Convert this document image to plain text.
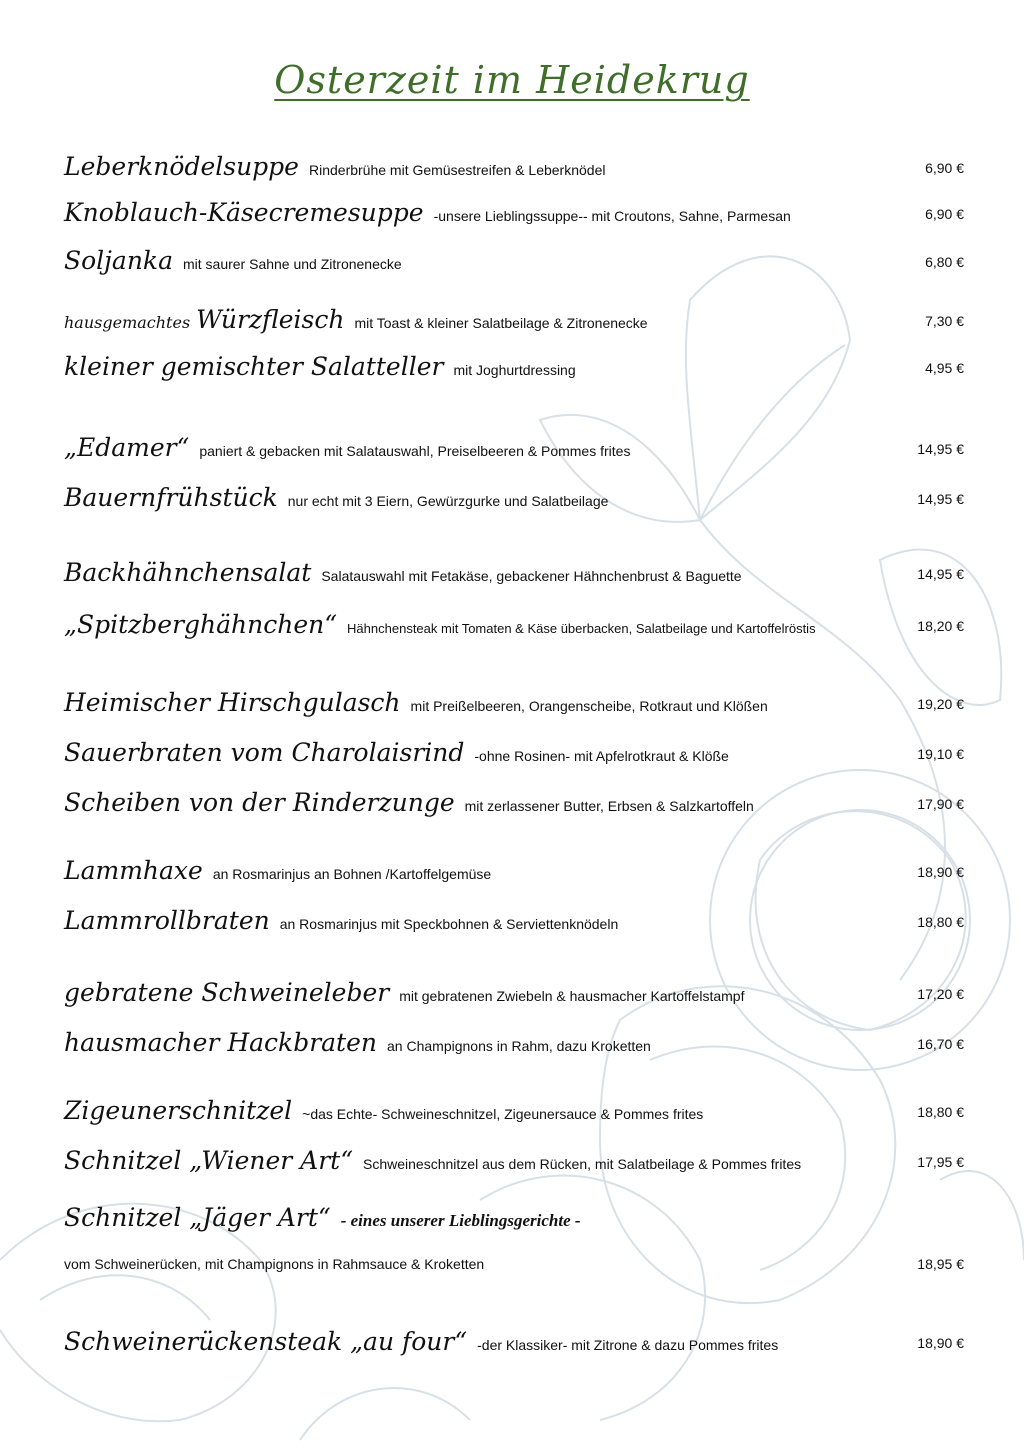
Osterzeit im Heidekrug
Leberknödelsuppe Rinderbrühe mit Gemüsestreifen & Leberknödel	6,90 €
Knoblauch-Käsecremesuppe -unsere Lieblingssuppe-- mit Croutons, Sahne, Parmesan	6,90 €
Soljanka mit saurer Sahne und Zitronenecke	6,80 €
hausgemachtes Würzfleisch mit Toast & kleiner Salatbeilage & Zitronenecke	7,30 €
kleiner gemischter Salatteller mit Joghurtdressing	4,95 €
„Edamer“ paniert & gebacken mit Salatauswahl, Preiselbeeren & Pommes frites	14,95 €
Bauernfrühstück nur echt mit 3 Eiern, Gewürzgurke und Salatbeilage	14,95 €
Backhähnchensalat Salatauswahl mit Fetakäse, gebackener Hähnchenbrust & Baguette	14,95 €
„Spitzberghähnchen“ Hähnchensteak mit Tomaten & Käse überbacken, Salatbeilage und Kartoffelröstis	18,20 €
Heimischer Hirschgulasch mit Preißelbeeren, Orangenscheibe, Rotkraut und Klößen	19,20 €
Sauerbraten vom Charolaisrind -ohne Rosinen- mit Apfelrotkraut & Klöße	19,10 €
Scheiben von der Rinderzunge mit zerlassener Butter, Erbsen & Salzkartoffeln	17,90 €
Lammhaxe an Rosmarinjus an Bohnen /Kartoffelgemüse	18,90 €
Lammrollbraten an Rosmarinjus mit Speckbohnen & Serviettenknödeln	18,80 €
gebratene Schweineleber mit gebratenen Zwiebeln & hausmacher Kartoffelstampf	17,20 €
hausmacher Hackbraten an Champignons in Rahm, dazu Kroketten	16,70 €
Zigeunerschnitzel ~das Echte- Schweineschnitzel, Zigeunersauce & Pommes frites	18,80 €
Schnitzel „Wiener Art“ Schweineschnitzel aus dem Rücken, mit Salatbeilage & Pommes frites	17,95 €
Schnitzel „Jäger Art“ - eines unserer Lieblingsgerichte -
vom Schweinerücken, mit Champignons in Rahmsauce & Kroketten	18,95 €
Schweinerückensteak „au four“ -der Klassiker- mit Zitrone & dazu Pommes frites	18,90 €
